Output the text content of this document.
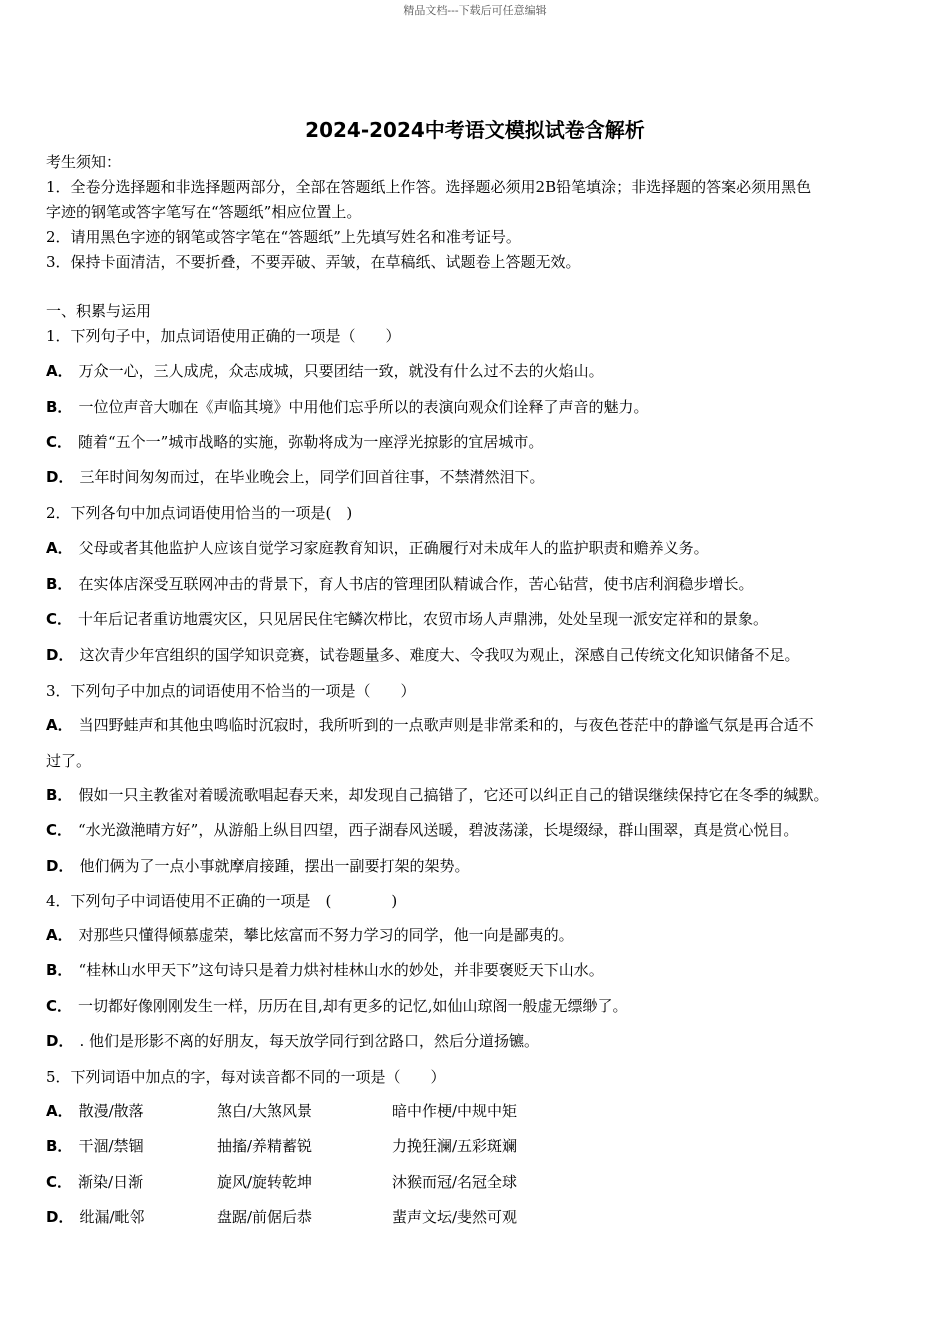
精品文档---下载后可任意编辑
2024-2024中考语文模拟试卷含解析
考生须知：
1．全卷分选择题和非选择题两部分，全部在答题纸上作答。选择题必须用2B铅笔填涂；非选择题的答案必须用黑色
字迹的钢笔或答字笔写在“答题纸”相应位置上。
2．请用黑色字迹的钢笔或答字笔在“答题纸”上先填写姓名和准考证号。
3．保持卡面清洁，不要折叠，不要弄破、弄皱，在草稿纸、试题卷上答题无效。
一、积累与运用
1．下列句子中，加点词语使用正确的一项是（　　）
A． 万众一心，三人成虎，众志成城，只要团结一致，就没有什么过不去的火焰山。
B． 一位位声音大咖在《声临其境》中用他们忘乎所以的表演向观众们诠释了声音的魅力。
C． 随着“五个一”城市战略的实施，弥勒将成为一座浮光掠影的宜居城市。
D． 三年时间匆匆而过，在毕业晚会上，同学们回首往事，不禁潸然泪下。
2．下列各句中加点词语使用恰当的一项是(　)
A． 父母或者其他监护人应该自觉学习家庭教育知识，正确履行对未成年人的监护职责和赡养义务。
B． 在实体店深受互联网冲击的背景下，育人书店的管理团队精诚合作，苦心钻营，使书店利润稳步增长。
C． 十年后记者重访地震灾区，只见居民住宅鳞次栉比，农贸市场人声鼎沸，处处呈现一派安定祥和的景象。
D． 这次青少年宫组织的国学知识竞赛，试卷题量多、难度大、令我叹为观止，深感自己传统文化知识储备不足。
3．下列句子中加点的词语使用不恰当的一项是（　　）
A． 当四野蛙声和其他虫鸣临时沉寂时，我所听到的一点歌声则是非常柔和的，与夜色苍茫中的静谧气氛是再合适不
过了。
B． 假如一只主教雀对着暖流歌唱起春天来，却发现自己搞错了，它还可以纠正自己的错误继续保持它在冬季的缄默。
C． “水光潋滟晴方好”，从游船上纵目四望，西子湖春风送暖，碧波荡漾，长堤缀绿，群山围翠，真是赏心悦目。
D． 他们俩为了一点小事就摩肩接踵，摆出一副要打架的架势。
4．下列句子中词语使用不正确的一项是　(　　　　)
A． 对那些只懂得倾慕虚荣，攀比炫富而不努力学习的同学，他一向是鄙夷的。
B． “桂林山水甲天下”这句诗只是着力烘衬桂林山水的妙处，并非要褒贬天下山水。
C． 一切都好像刚刚发生一样，历历在目,却有更多的记忆,如仙山琼阁一般虚无缥缈了。
D． . 他们是形影不离的好朋友，每天放学同行到岔路口，然后分道扬镳。
5．下列词语中加点的字，每对读音都不同的一项是（　　）
A． 散漫/散落	煞白/大煞风景	暗中作梗/中规中矩
B． 干涸/禁锢	抽搐/养精蓄锐	力挽狂澜/五彩斑斓
C． 渐染/日渐	旋风/旋转乾坤	沐猴而冠/名冠全球
D． 纰漏/毗邻	盘踞/前倨后恭	蜚声文坛/斐然可观
